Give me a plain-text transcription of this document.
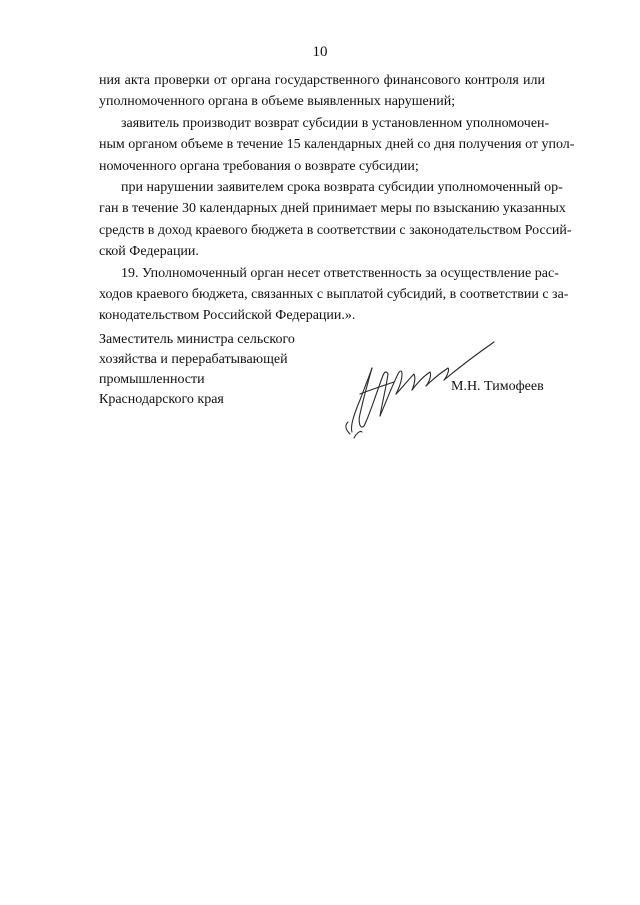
10
ния акта проверки от органа государственного финансового контроля или
уполномоченного органа в объеме выявленных нарушений;
заявитель производит возврат субсидии в установленном уполномочен-
ным органом объеме в течение 15 календарных дней со дня получения от упол-
номоченного органа требования о возврате субсидии;
при нарушении заявителем срока возврата субсидии уполномоченный ор-
ган в течение 30 календарных дней принимает меры по взысканию указанных
средств в доход краевого бюджета в соответствии с законодательством Россий-
ской Федерации.
19. Уполномоченный орган несет ответственность за осуществление рас-
ходов краевого бюджета, связанных с выплатой субсидий, в соответствии с за-
конодательством Российской Федерации.».
Заместитель министра сельского
хозяйства и перерабатывающей
промышленности
Краснодарского края
М.Н. Тимофеев
